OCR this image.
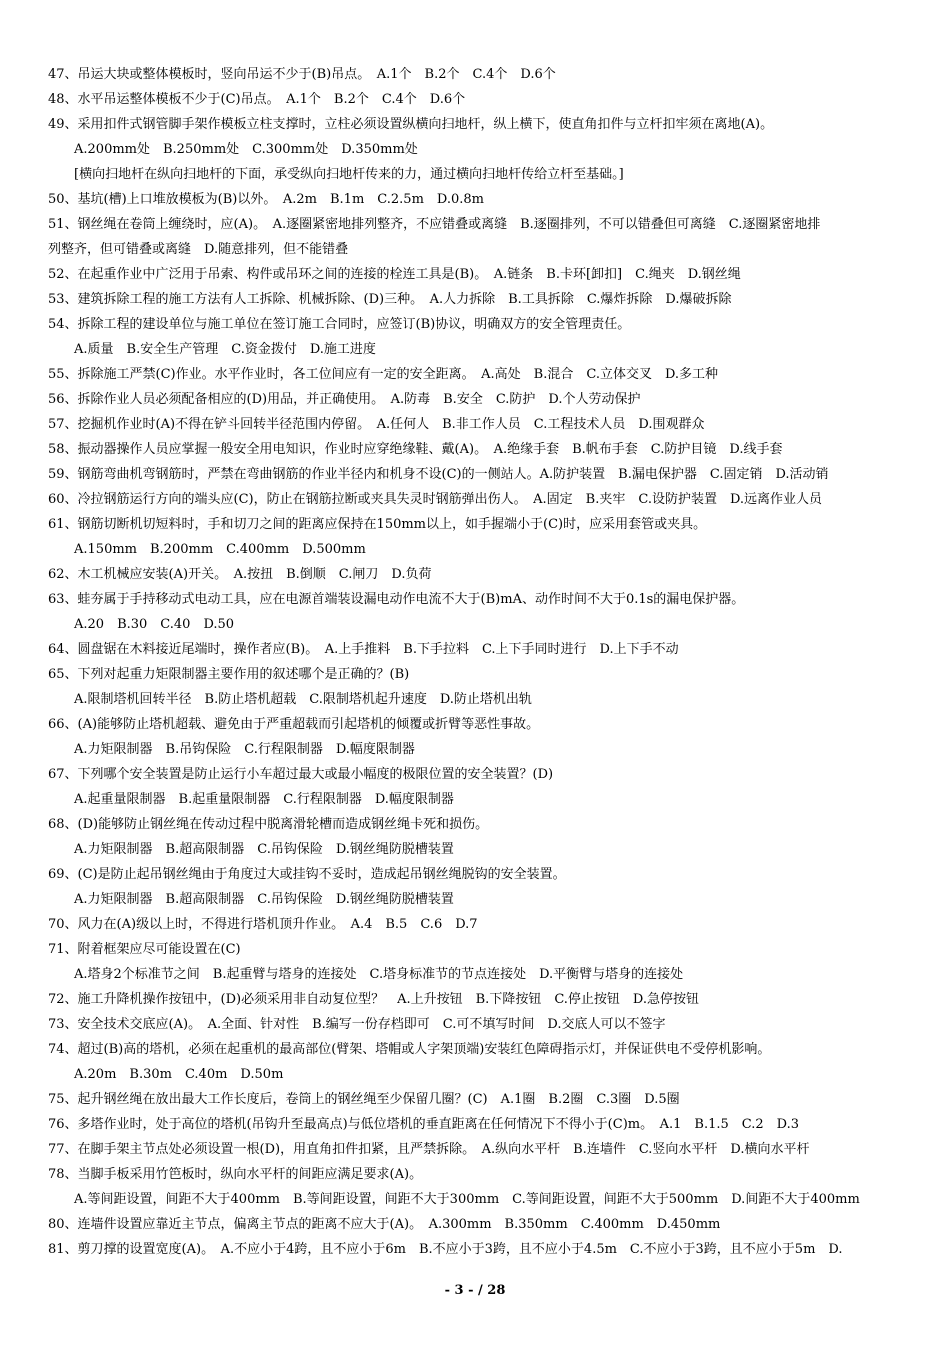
47、吊运大块或整体模板时，竖向吊运不少于(B)吊点。　A.1个　B.2个　C.4个　D.6个
48、水平吊运整体模板不少于(C)吊点。　A.1个　B.2个　C.4个　D.6个
49、采用扣件式钢管脚手架作模板立柱支撑时，立柱必须设置纵横向扫地杆，纵上横下，使直角扣件与立杆扣牢须在离地(A)。
A.200mm处　B.250mm处　C.300mm处　D.350mm处
[横向扫地杆在纵向扫地杆的下面，承受纵向扫地杆传来的力，通过横向扫地杆传给立杆至基础。]
50、基坑(槽)上口堆放模板为(B)以外。　A.2m　B.1m　C.2.5m　D.0.8m
51、钢丝绳在卷筒上缠绕时，应(A)。　A.逐圈紧密地排列整齐，不应错叠或离缝　B.逐圈排列，不可以错叠但可离缝　C.逐圈紧密地排
列整齐，但可错叠或离缝　D.随意排列，但不能错叠
52、在起重作业中广泛用于吊索、构件或吊环之间的连接的栓连工具是(B)。　A.链条　B.卡环[卸扣]　C.绳夹　D.钢丝绳
53、建筑拆除工程的施工方法有人工拆除、机械拆除、(D)三种。　A.人力拆除　B.工具拆除　C.爆炸拆除　D.爆破拆除
54、拆除工程的建设单位与施工单位在签订施工合同时，应签订(B)协议，明确双方的安全管理责任。
A.质量　B.安全生产管理　C.资金拨付　D.施工进度
55、拆除施工严禁(C)作业。水平作业时，各工位间应有一定的安全距离。　A.高处　B.混合　C.立体交叉　D.多工种
56、拆除作业人员必须配备相应的(D)用品，并正确使用。　A.防毒　B.安全　C.防护　D.个人劳动保护
57、挖掘机作业时(A)不得在铲斗回转半径范围内停留。　A.任何人　B.非工作人员　C.工程技术人员　D.围观群众
58、振动器操作人员应掌握一般安全用电知识，作业时应穿绝缘鞋、戴(A)。　A.绝缘手套　B.帆布手套　C.防护目镜　D.线手套
59、钢筋弯曲机弯钢筋时，严禁在弯曲钢筋的作业半径内和机身不设(C)的一侧站人。A.防护装置　B.漏电保护器　C.固定销　D.活动销
60、冷拉钢筋运行方向的端头应(C)，防止在钢筋拉断或夹具失灵时钢筋弹出伤人。　A.固定　B.夹牢　C.设防护装置　D.远离作业人员
61、钢筋切断机切短料时，手和切刀之间的距离应保持在150mm以上，如手握端小于(C)时，应采用套管或夹具。
A.150mm　B.200mm　C.400mm　D.500mm
62、木工机械应安装(A)开关。　A.按扭　B.倒顺　C.闸刀　D.负荷
63、蛙夯属于手持移动式电动工具，应在电源首端装设漏电动作电流不大于(B)mA、动作时间不大于0.1s的漏电保护器。
A.20　B.30　C.40　D.50
64、圆盘锯在木料接近尾端时，操作者应(B)。　A.上手推料　B.下手拉料　C.上下手同时进行　D.上下手不动
65、下列对起重力矩限制器主要作用的叙述哪个是正确的？(B)
A.限制塔机回转半径　B.防止塔机超载　C.限制塔机起升速度　D.防止塔机出轨
66、(A)能够防止塔机超载、避免由于严重超载而引起塔机的倾覆或折臂等恶性事故。
A.力矩限制器　B.吊钩保险　C.行程限制器　D.幅度限制器
67、下列哪个安全装置是防止运行小车超过最大或最小幅度的极限位置的安全装置？(D)
A.起重量限制器　B.起重量限制器　C.行程限制器　D.幅度限制器
68、(D)能够防止钢丝绳在传动过程中脱离滑轮槽而造成钢丝绳卡死和损伤。
A.力矩限制器　B.超高限制器　C.吊钩保险　D.钢丝绳防脱槽装置
69、(C)是防止起吊钢丝绳由于角度过大或挂钩不妥时，造成起吊钢丝绳脱钩的安全装置。
A.力矩限制器　B.超高限制器　C.吊钩保险　D.钢丝绳防脱槽装置
70、风力在(A)级以上时，不得进行塔机顶升作业。　A.4　B.5　C.6　D.7
71、附着框架应尽可能设置在(C)
A.塔身2个标准节之间　B.起重臂与塔身的连接处　C.塔身标准节的节点连接处　D.平衡臂与塔身的连接处
72、施工升降机操作按钮中，(D)必须采用非自动复位型？　A.上升按钮　B.下降按钮　C.停止按钮　D.急停按钮
73、安全技术交底应(A)。　A.全面、针对性　B.编写一份存档即可　C.可不填写时间　D.交底人可以不签字
74、超过(B)高的塔机，必须在起重机的最高部位(臂架、塔帽或人字架顶端)安装红色障碍指示灯，并保证供电不受停机影响。
A.20m　B.30m　C.40m　D.50m
75、起升钢丝绳在放出最大工作长度后，卷筒上的钢丝绳至少保留几圈？(C)　A.1圈　B.2圈　C.3圈　D.5圈
76、多塔作业时，处于高位的塔机(吊钩升至最高点)与低位塔机的垂直距离在任何情况下不得小于(C)m。　A.1　B.1.5　C.2　D.3
77、在脚手架主节点处必须设置一根(D)，用直角扣件扣紧，且严禁拆除。　A.纵向水平杆　B.连墙件　C.竖向水平杆　D.横向水平杆
78、当脚手板采用竹笆板时，纵向水平杆的间距应满足要求(A)。
A.等间距设置，间距不大于400mm　B.等间距设置，间距不大于300mm　C.等间距设置，间距不大于500mm　D.间距不大于400mm
80、连墙件设置应靠近主节点，偏离主节点的距离不应大于(A)。　A.300mm　B.350mm　C.400mm　D.450mm
81、剪刀撑的设置宽度(A)。　A.不应小于4跨，且不应小于6m　B.不应小于3跨，且不应小于4.5m　C.不应小于3跨，且不应小于5m　D.
- 3 - / 28
